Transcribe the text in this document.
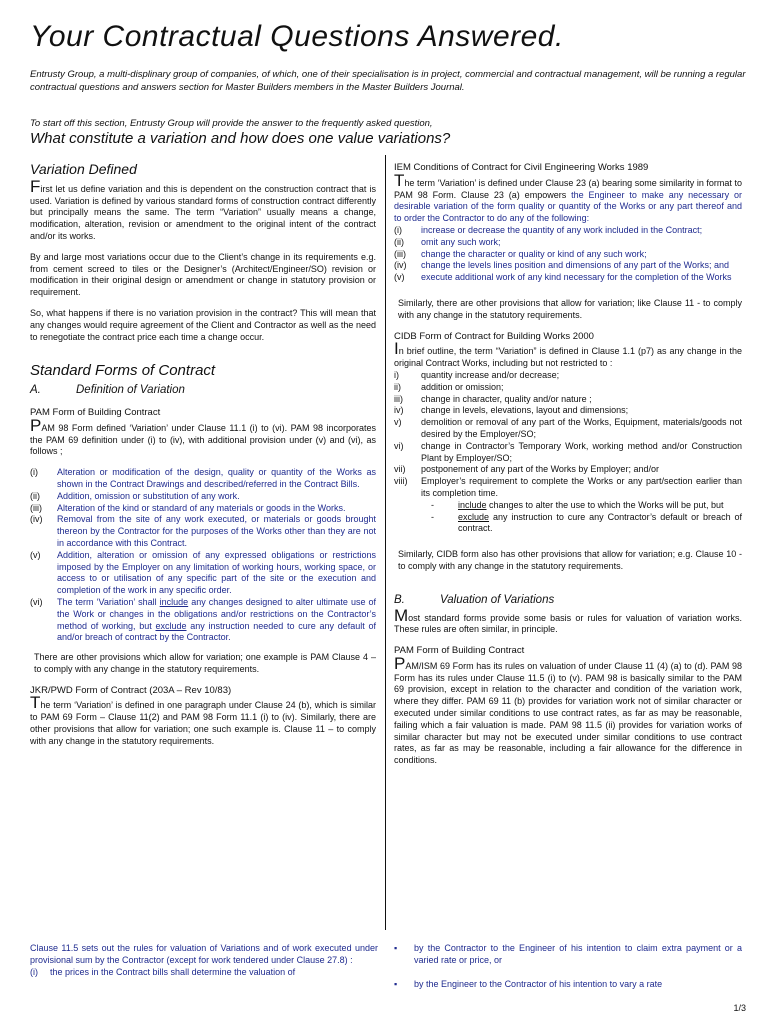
Your Contractual Questions Answered.
Entrusty Group, a multi-displinary group of companies, of which, one of their specialisation is in project, commercial and contractual management, will be running a regular contractual questions and answers section for Master Builders members in the Master Builders Journal.
To start off this section, Entrusty Group will provide the answer to the frequently asked question,
What constitute a variation and how does one value variations?
Variation Defined

First let us define variation and this is dependent on the construction contract that is used. Variation is defined by various standard forms of construction contract differently but principally means the same. The term “Variation” usually means a change, modification, alteration, revision or amendment to the original intent of the contract and/or its works.

By and large most variations occur due to the Client’s change in its requirements e.g. from cement screed to tiles or the Designer’s (Architect/Engineer/SO) revision or modification in their original design or amendment or change in statutory provision or requirement.

So, what happens if there is no variation provision in the contract? This will mean that any changes would require agreement of the Client and Contractor as well as the need to renegotiate the contract price each time a change occur.

Standard Forms of Contract
A.	Definition of Variation
PAM Form of Building Contract

PAM 98 Form defined ‘Variation’ under Clause 11.1 (i) to (vi). PAM 98 incorporates the PAM 69 definition under (i) to (iv), with additional provision under (v) and (vi), as follows ;

(i) Alteration or modification of the design, quality or quantity of the Works as shown in the Contract Drawings and described/referred in the Contract Bills.
(ii) Addition, omission or substitution of any work.
(iii) Alteration of the kind or standard of any materials or goods in the Works.
(iv) Removal from the site of any work executed, or materials or goods brought thereon by the Contractor for the purposes of the Works other than they are not in accordance with this Contract.
(v) Addition, alteration or omission of any expressed obligations or restrictions imposed by the Employer on any limitation of working hours, working space, or access to or utilisation of any specific part of the site or the execution and completion of the work in any specific order.
(vi) The term ‘Variation’ shall include any changes designed to alter ultimate use of the Work or changes in the obligations and/or restrictions on the Contractor’s method of working, but exclude any instruction needed to cure any default of and/or breach of contract by the Contractor.

There are other provisions which allow for variation; one example is PAM Clause 4 – to comply with any change in the statutory requirements.

JKR/PWD Form of Contract (203A – Rev 10/83)

The term ‘Variation’ is defined in one paragraph under Clause 24 (b), which is similar to PAM 69 Form – Clause 11(2) and PAM 98 Form 11.1 (i) to (iv). Similarly, there are other provisions that allow for variation; one such example is. Clause 11 – to comply with any change in the statutory requirements.

IEM Conditions of Contract for Civil Engineering Works 1989

The term ‘Variation’ is defined under Clause 23 (a) bearing some similarity in format to PAM 98 Form. Clause 23 (a) empowers the Engineer to make any necessary or desirable variation of the form quality or quantity of the Works or any part thereof and to order the Contractor to do any of the following:

(i) increase or decrease the quantity of any work included in the Contract;
(ii) omit any such work;
(iii) change the character or quality or kind of any such work;
(iv) change the levels lines position and dimensions of any part of the Works; and
(v) execute additional work of any kind necessary for the completion of the Works

Similarly, there are other provisions that allow for variation; like Clause 11 - to comply with any change in the statutory requirements.

CIDB Form of Contract for Building Works 2000

In brief outline, the term “Variation” is defined in Clause 1.1 (p7) as any change in the original Contract Works, including but not restricted to :

i) quantity increase and/or decrease;
ii) addition or omission;
iii) change in character, quality and/or nature ;
iv) change in levels, elevations, layout and dimensions;
v) demolition or removal of any part of the Works, Equipment, materials/goods not desired by the Employer/SO;
vi) change in Contractor’s Temporary Work, working method and/or Construction Plant by Employer/SO;
vii) postponement of any part of the Works by Employer; and/or
viii) Employer’s requirement to complete the Works or any part/section earlier than its completion time.
-	include changes to alter the use to which the Works will be put, but
-	exclude any instruction to cure any Contractor’s default or breach of contract.

Similarly, CIDB form also has other provisions that allow for variation; e.g. Clause 10 - to comply with any change in the statutory requirements.

B.	Valuation of Variations

Most standard forms provide some basis or rules for valuation of variation works. These rules are often similar, in principle.

PAM Form of Building Contract

PAM/ISM 69 Form has its rules on valuation of under Clause 11 (4) (a) to (d). PAM 98 Form has its rules under Clause 11.5 (i) to (v). PAM 98 is basically similar to the PAM 69 provision, except in relation to the character and condition of the variation work, where they differ. PAM 69 11 (b) provides for variation work not of similar character or executed under similar conditions to use contract rates, as far as may be reasonable, failing which a fair valuation is made. PAM 98 11.5 (ii) provides for variation works of similar character but may not be executed under similar conditions to use contract rates, as far as may be reasonable, including a fair allowance for the difference in conditions.

Clause 11.5 sets out the rules for valuation of Variations and of work executed under provisional sum by the Contractor (except for work tendered under Clause 27.8) :
(i) the prices in the Contract bills shall determine the valuation of
▪ by the Contractor to the Engineer of his intention to claim extra payment or a varied rate or price, or
▪ by the Engineer to the Contractor of his intention to vary a rate
1/3
